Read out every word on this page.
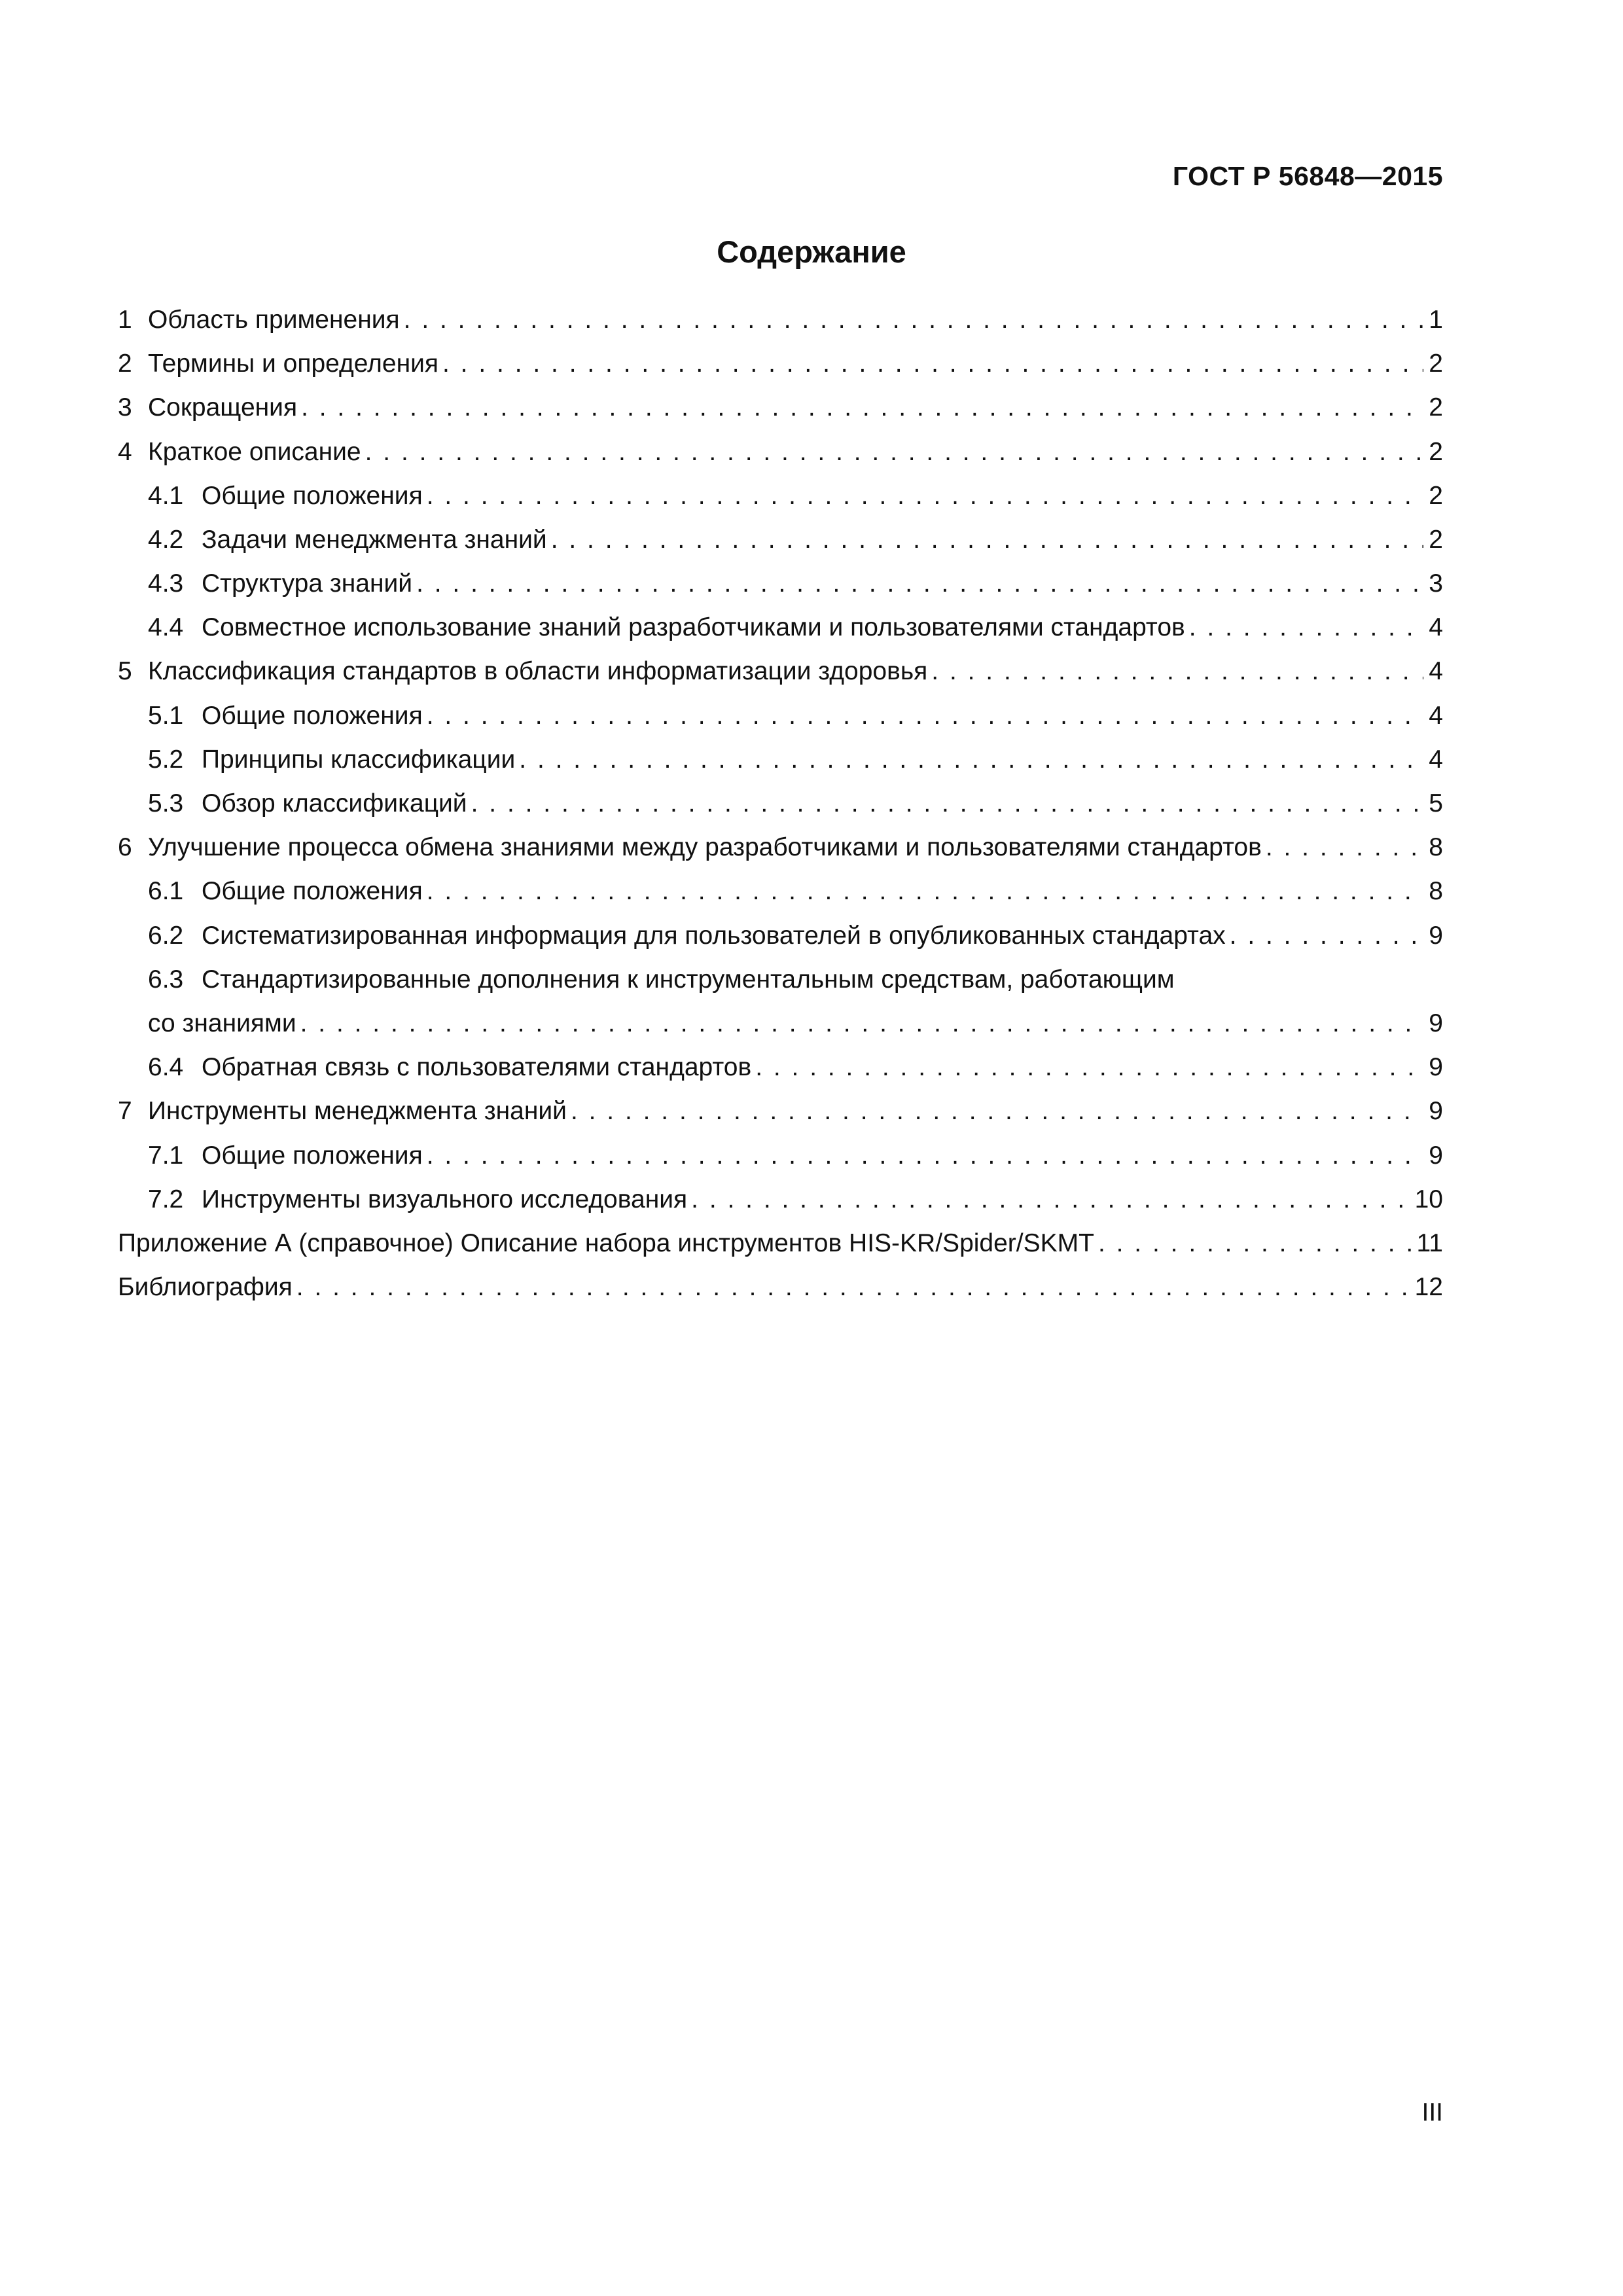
ГОСТ Р 56848—2015
Содержание
1 Область применения . . .	1
2 Термины и определения . . .	2
3 Сокращения . . .	2
4 Краткое описание . . .	2
4.1 Общие положения . . .	2
4.2 Задачи менеджмента знаний . . .	2
4.3 Структура знаний . . .	3
4.4 Совместное использование знаний разработчиками и пользователями стандартов . . .	4
5 Классификация стандартов в области информатизации здоровья . . .	4
5.1 Общие положения . . .	4
5.2 Принципы классификации . . .	4
5.3 Обзор классификаций . . .	5
6 Улучшение процесса обмена знаниями между разработчиками и пользователями стандартов . . .	8
6.1 Общие положения . . .	8
6.2 Систематизированная информация для пользователей в опубликованных стандартах . . .	9
6.3 Стандартизированные дополнения к инструментальным средствам, работающим
со знаниями . . .	9
6.4 Обратная связь с пользователями стандартов . . .	9
7 Инструменты менеджмента знаний . . .	9
7.1 Общие положения . . .	9
7.2 Инструменты визуального исследования . . .	10
Приложение А (справочное) Описание набора инструментов HIS-KR/Spider/SKMT . . .	11
Библиография . . .	12
III
